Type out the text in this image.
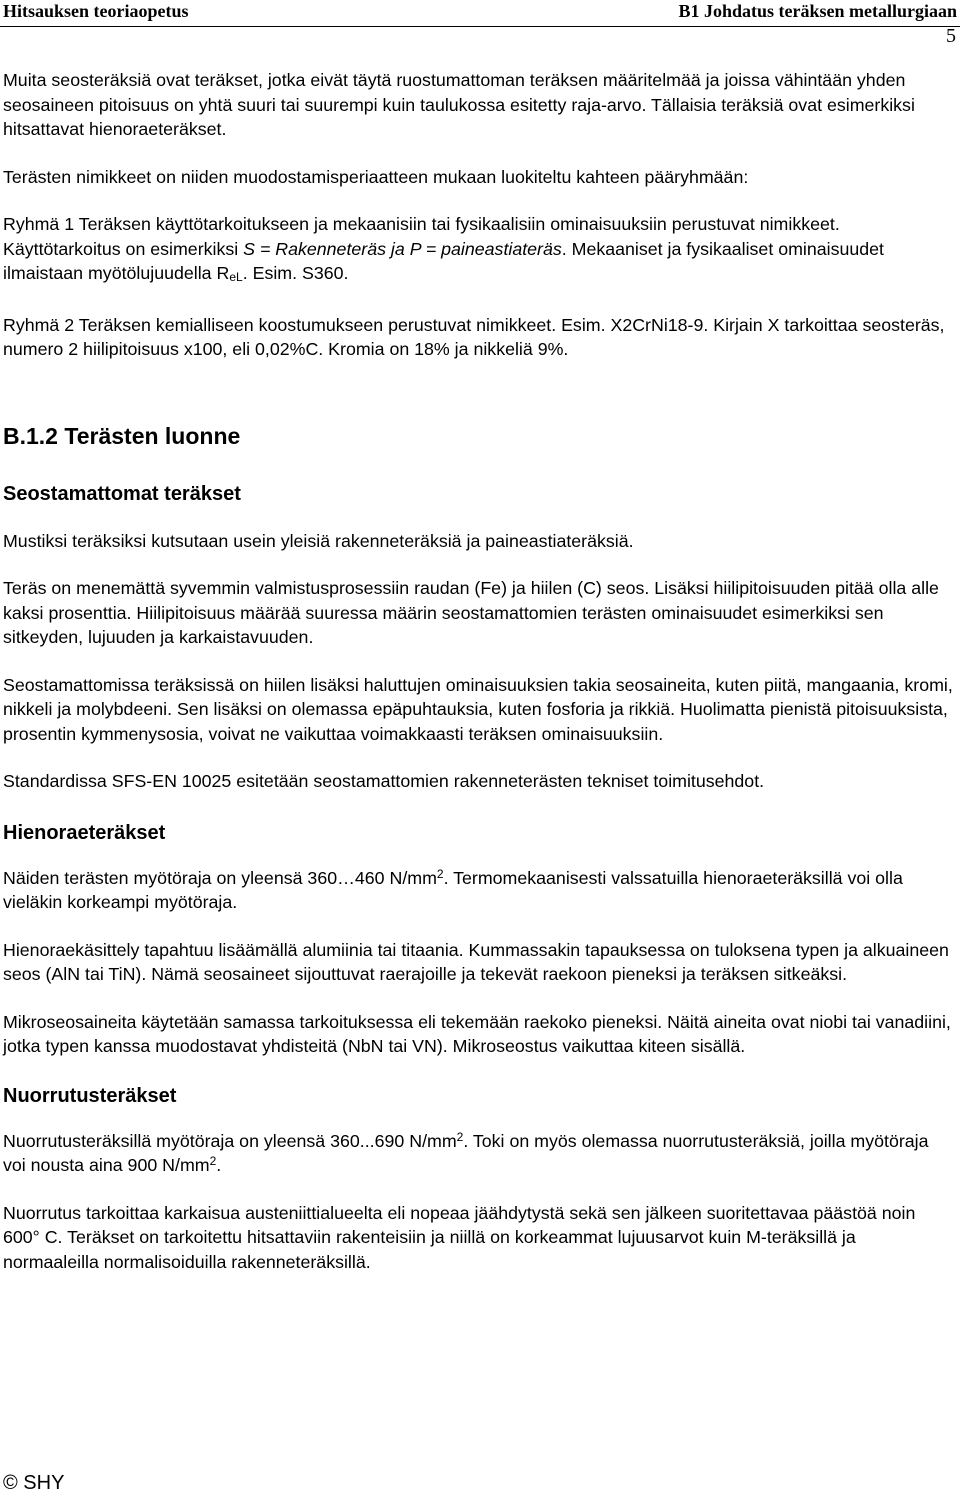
Hitsauksen teoriaopetus	B1 Johdatus teräksen metallurgiaan
5

Muita seosteräksiä ovat teräkset, jotka eivät täytä ruostumattoman teräksen määritelmää ja joissa vähintään yhden seosaineen pitoisuus on yhtä suuri tai suurempi kuin taulukossa esitetty raja-arvo. Tällaisia teräksiä ovat esimerkiksi hitsattavat hienoraeteräkset.

Terästen nimikkeet on niiden muodostamisperiaatteen mukaan luokiteltu kahteen pääryhmään:

Ryhmä 1 Teräksen käyttötarkoitukseen ja mekaanisiin tai fysikaalisiin ominaisuuksiin perustuvat nimikkeet. Käyttötarkoitus on esimerkiksi S = Rakenneteräs ja P = paineastiateräs. Mekaaniset ja fysikaaliset ominaisuudet ilmaistaan myötölujuudella $R_{eL}$. Esim. S360.

Ryhmä 2 Teräksen kemialliseen koostumukseen perustuvat nimikkeet. Esim. X2CrNi18-9. Kirjain X tarkoittaa seosteräs, numero 2 hiilipitoisuus x100, eli 0,02%C. Kromia on 18% ja nikkeliä 9%.

B.1.2 Terästen luonne
Seostamattomat teräkset

Mustiksi teräksiksi kutsutaan usein yleisiä rakenneteräksiä ja paineastiateräksiä.

Teräs on menemättä syvemmin valmistusprosessiin raudan (Fe) ja hiilen (C) seos. Lisäksi hiilipitoisuuden pitää olla alle kaksi prosenttia. Hiilipitoisuus määrää suuressa määrin seostamattomien terästen ominaisuudet esimerkiksi sen sitkeyden, lujuuden ja karkaistavuuden.

Seostamattomissa teräksissä on hiilen lisäksi haluttujen ominaisuuksien takia seosaineita, kuten piitä, mangaania, kromi, nikkeli ja molybdeeni. Sen lisäksi on olemassa epäpuhtauksia, kuten fosforia ja rikkiä. Huolimatta pienistä pitoisuuksista, prosentin kymmenysosia, voivat ne vaikuttaa voimakkaasti teräksen ominaisuuksiin.

Standardissa SFS-EN 10025 esitetään seostamattomien rakenneterästen tekniset toimitusehdot.

Hienoraeteräkset

Näiden terästen myötöraja on yleensä 360…460 $N/mm^2$. Termomekaanisesti valssatuilla hienoraeteräksillä voi olla vieläkin korkeampi myötöraja.

Hienoraekäsittely tapahtuu lisäämällä alumiinia tai titaania. Kummassakin tapauksessa on tuloksena typen ja alkuaineen seos (AlN tai TiN). Nämä seosaineet sijouttuvat raerajoille ja tekevät raekoon pieneksi ja teräksen sitkeäksi.

Mikroseosaineita käytetään samassa tarkoituksessa eli tekemään raekoko pieneksi. Näitä aineita ovat niobi tai vanadiini, jotka typen kanssa muodostavat yhdisteitä (NbN tai VN). Mikroseostus vaikuttaa kiteen sisällä.

Nuorrutusteräkset

Nuorrutusteräksillä myötöraja on yleensä 360...690 $N/mm^2$. Toki on myös olemassa nuorrutusteräksiä, joilla myötöraja voi nousta aina 900 $N/mm^2$.

Nuorrutus tarkoittaa karkaisua austeniittialueelta eli nopeaa jäähdytystä sekä sen jälkeen suoritettavaa päästöä noin 600° C. Teräkset on tarkoitettu hitsattaviin rakenteisiin ja niillä on korkeammat lujuusarvot kuin M-teräksillä ja normaaleilla normalisoiduilla rakenneteräksillä.

© SHY
